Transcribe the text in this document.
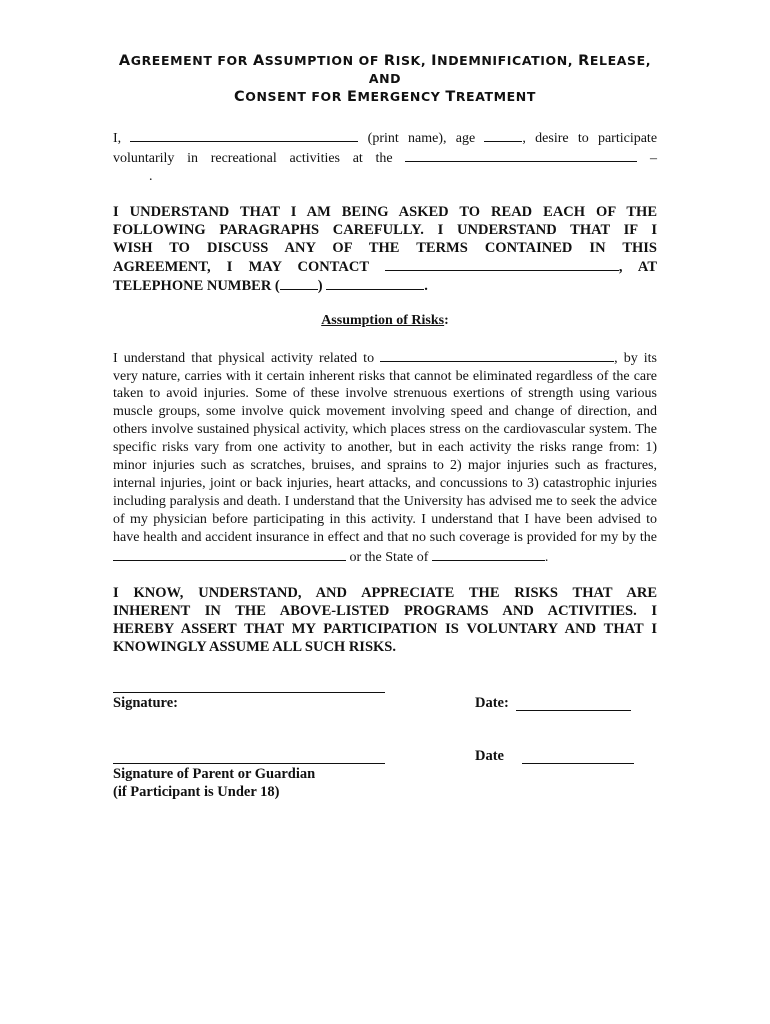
AGREEMENT FOR ASSUMPTION OF RISK, INDEMNIFICATION, RELEASE, AND
CONSENT FOR EMERGENCY TREATMENT

I,	(print name), age	, desire to participate

voluntarily in recreational activities at the	–

.

I UNDERSTAND THAT I AM BEING ASKED TO READ EACH OF THE

FOLLOWING PARAGRAPHS CAREFULLY. I UNDERSTAND THAT IF I

WISH TO DISCUSS ANY OF THE TERMS CONTAINED IN THIS

AGREEMENT, I MAY CONTACT	, AT

TELEPHONE NUMBER (	)	.

Assumption of Risks:

I understand that physical activity related to	, by its very nature, carries with it certain inherent risks that cannot be eliminated regardless of the care taken to avoid injuries. Some of these involve strenuous exertions of strength using various muscle groups, some involve quick movement involving speed and change of direction, and others involve sustained physical activity, which places stress on the cardiovascular system. The specific risks vary from one activity to another, but in each activity the risks range from: 1) minor injuries such as scratches, bruises, and sprains to 2) major injuries such as fractures, internal injuries, joint or back injuries, heart attacks, and concussions to 3) catastrophic injuries including paralysis and death. I understand that the University has advised me to seek the advice of my physician before participating in this activity. I understand that I have been advised to have health and accident insurance in effect and that no such coverage is provided for my by the  or the State of	.

I KNOW, UNDERSTAND, AND APPRECIATE THE RISKS THAT ARE

INHERENT IN THE ABOVE-LISTED PROGRAMS AND ACTIVITIES. I

HEREBY ASSERT THAT MY PARTICIPATION IS VOLUNTARY AND THAT I

KNOWINGLY ASSUME ALL SUCH RISKS.

Signature:	Date:
Date
Signature of Parent or Guardian
(if Participant is Under 18)
